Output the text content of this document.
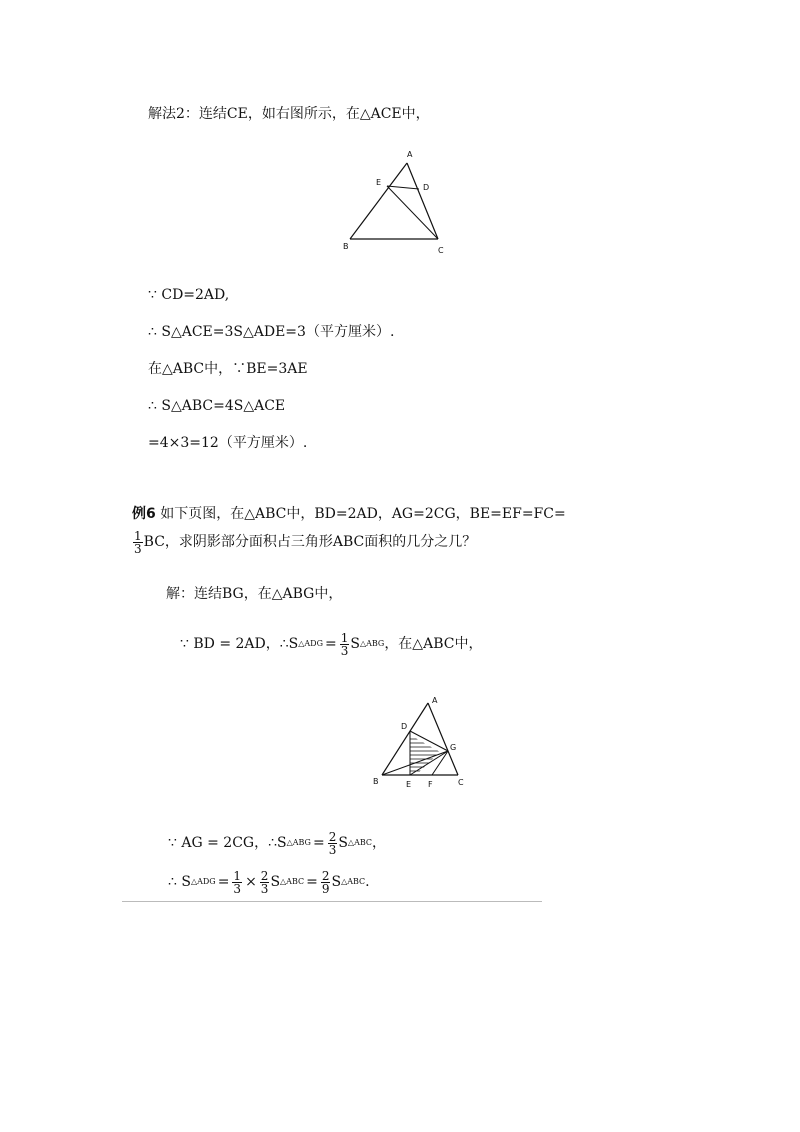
解法2：连结CE，如右图所示，在△ACE中，
A
E
D
B	C
∵ CD=2AD,
∴ S△ACE=3S△ADE=3（平方厘米）.
在△ABC中，∵BE=3AE
∴ S△ABC=4S△ACE
=4×3=12（平方厘米）.
例6 如下页图，在△ABC中，BD=2AD，AG=2CG，BE=EF=FC=
$\frac{1}{3}$ BC，求阴影部分面积占三角形ABC面积的几分之几？
解：连结BG，在△ABG中，
∵ BD = 2AD，∴S △ADG = $\frac{1}{3}$ S △ABG ，在△ABC中，
A
D
G
B	E F	C
∵ AG = 2CG，∴S △ABG = $\frac{2}{3}$ S △ABC ，
∴ S △ADG = $\frac{1}{3} \times \frac{2}{3}$ S △ABC = $\frac{2}{9}$ S △ABC .
